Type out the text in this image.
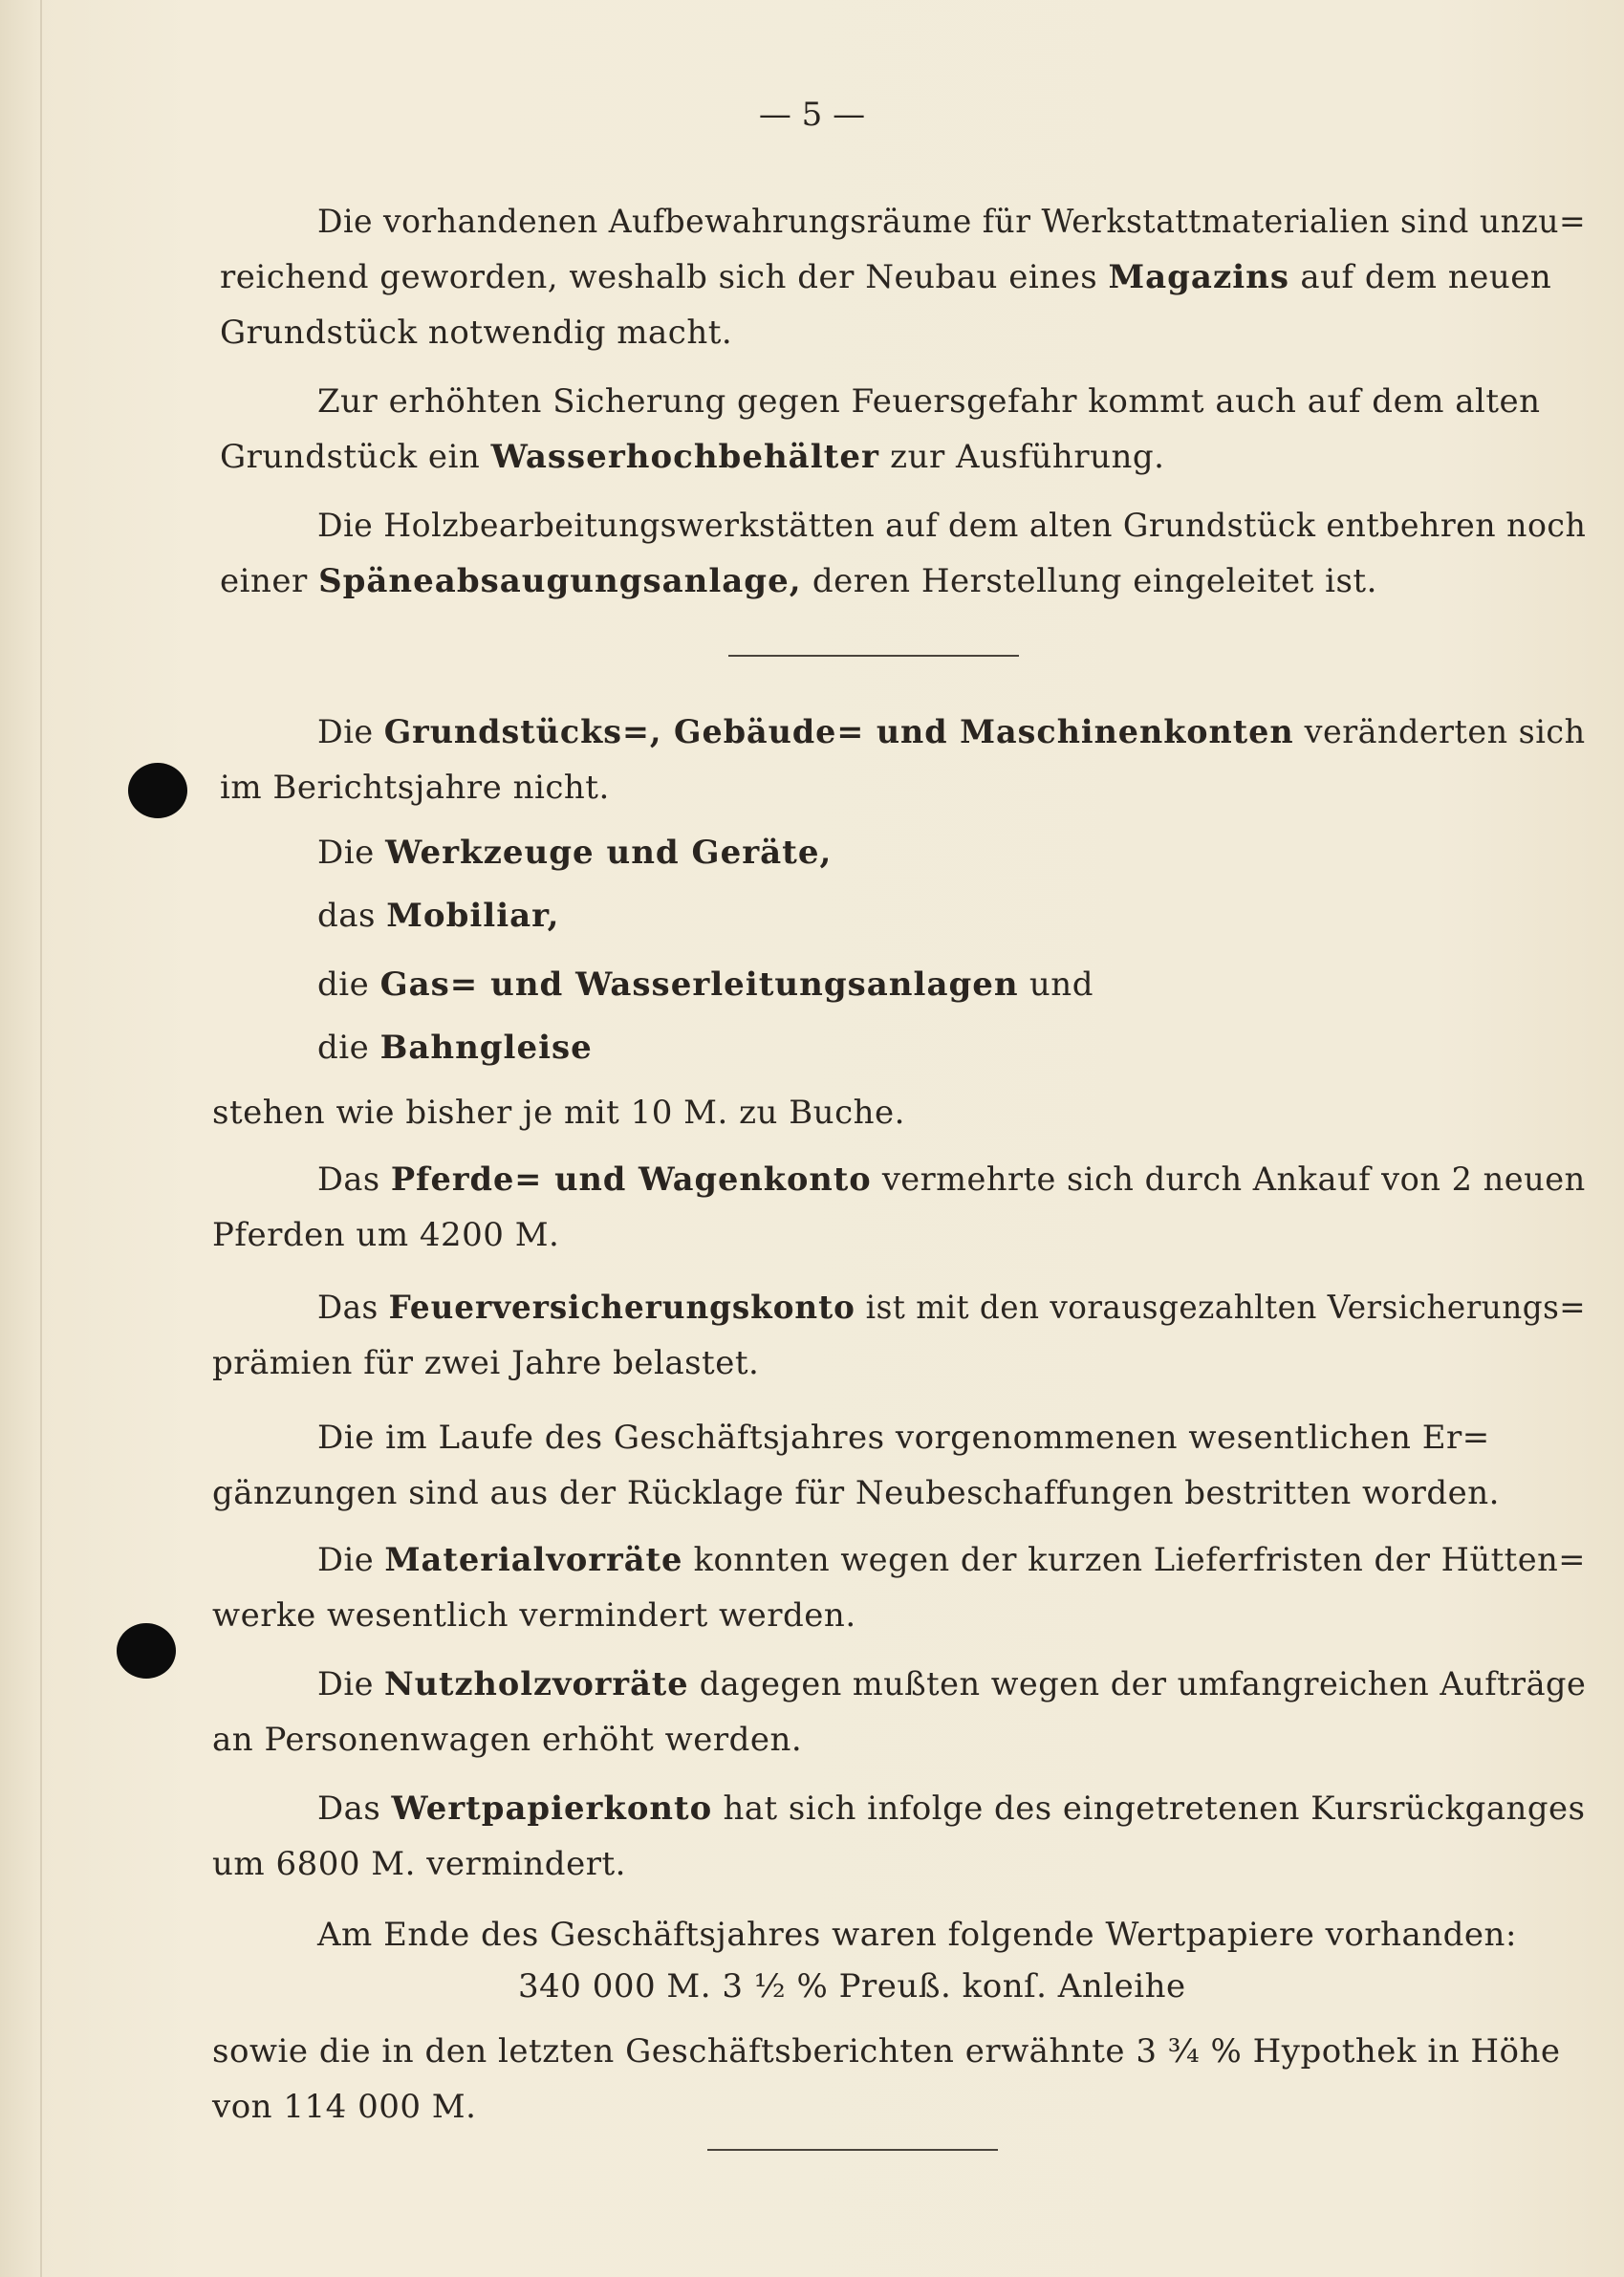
— 5 —
Die vorhandenen Aufbewahrungsräume für Werkstattmaterialien sind unzu=
reichend geworden, weshalb sich der Neubau eines Magazins auf dem neuen
Grundstück notwendig macht.
Zur erhöhten Sicherung gegen Feuersgefahr kommt auch auf dem alten
Grundstück ein Wasserhochbehälter zur Ausführung.
Die Holzbearbeitungswerkstätten auf dem alten Grundstück entbehren noch
einer Späneabsaugungsanlage, deren Herstellung eingeleitet ist.
Die Grundstücks=, Gebäude= und Maschinenkonten veränderten sich
im Berichtsjahre nicht.
Die Werkzeuge und Geräte,
das Mobiliar,
die Gas= und Wasserleitungsanlagen und
die Bahngleise
stehen wie bisher je mit 10 M. zu Buche.
Das Pferde= und Wagenkonto vermehrte sich durch Ankauf von 2 neuen
Pferden um 4200 M.
Das Feuerversicherungskonto ist mit den vorausgezahlten Versicherungs=
prämien für zwei Jahre belastet.
Die im Laufe des Geschäftsjahres vorgenommenen wesentlichen Er=
gänzungen sind aus der Rücklage für Neubeschaffungen bestritten worden.
Die Materialvorräte konnten wegen der kurzen Lieferfristen der Hütten=
werke wesentlich vermindert werden.
Die Nutzholzvorräte dagegen mußten wegen der umfangreichen Aufträge
an Personenwagen erhöht werden.
Das Wertpapierkonto hat sich infolge des eingetretenen Kursrückganges
um 6800 M. vermindert.
Am Ende des Geschäftsjahres waren folgende Wertpapiere vorhanden:
340 000 M. 3 ½ % Preuß. konſ. Anleihe
sowie die in den letzten Geschäftsberichten erwähnte 3 ¾ % Hypothek in Höhe
von 114 000 M.
